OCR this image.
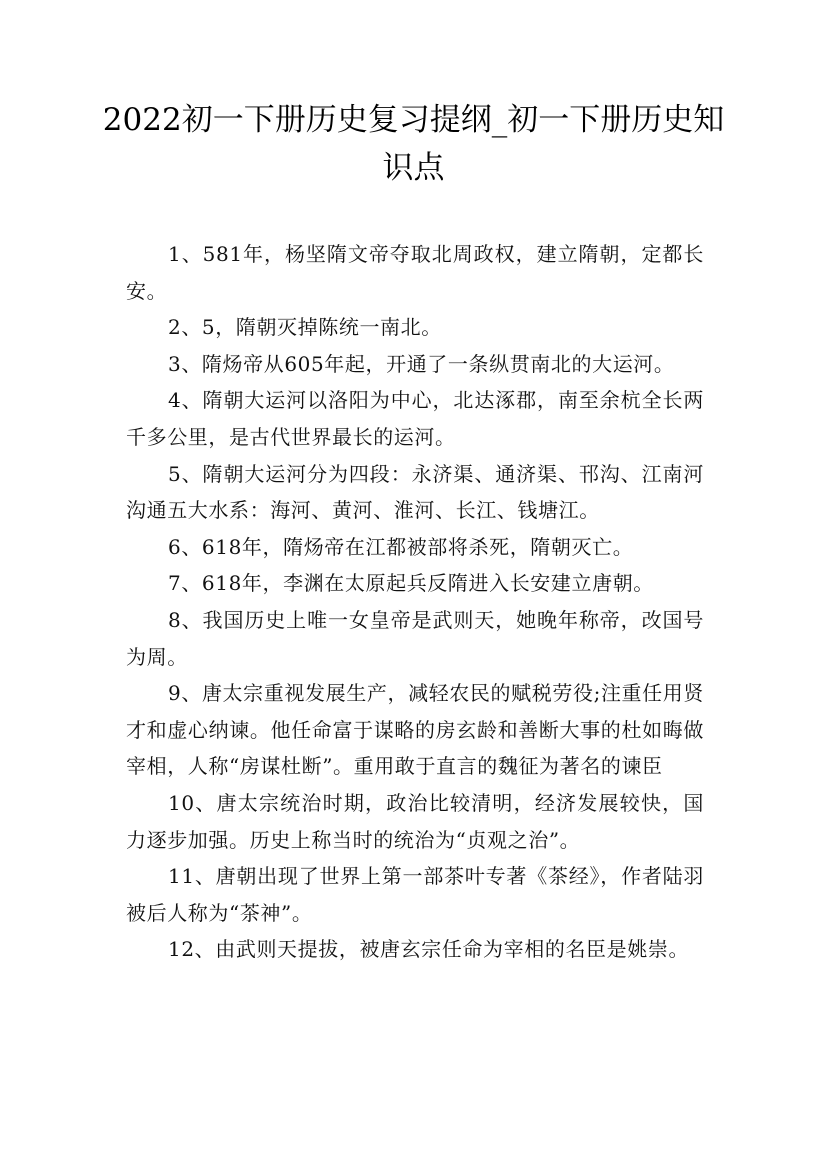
2022初一下册历史复习提纲_初一下册历史知识点

1、581年，杨坚隋文帝夺取北周政权，建立隋朝，定都长安。

2、5，隋朝灭掉陈统一南北。

3、隋炀帝从605年起，开通了一条纵贯南北的大运河。

4、隋朝大运河以洛阳为中心，北达涿郡，南至余杭全长两千多公里，是古代世界最长的运河。

5、隋朝大运河分为四段：永济渠、通济渠、邗沟、江南河沟通五大水系：海河、黄河、淮河、长江、钱塘江。

6、618年，隋炀帝在江都被部将杀死，隋朝灭亡。

7、618年，李渊在太原起兵反隋进入长安建立唐朝。

8、我国历史上唯一女皇帝是武则天，她晚年称帝，改国号为周。

9、唐太宗重视发展生产，减轻农民的赋税劳役;注重任用贤才和虚心纳谏。他任命富于谋略的房玄龄和善断大事的杜如晦做宰相，人称“房谋杜断”。重用敢于直言的魏征为著名的谏臣

10、唐太宗统治时期，政治比较清明，经济发展较快，国力逐步加强。历史上称当时的统治为“贞观之治”。

11、唐朝出现了世界上第一部茶叶专著《茶经》，作者陆羽被后人称为“茶神”。

12、由武则天提拔，被唐玄宗任命为宰相的名臣是姚崇。
